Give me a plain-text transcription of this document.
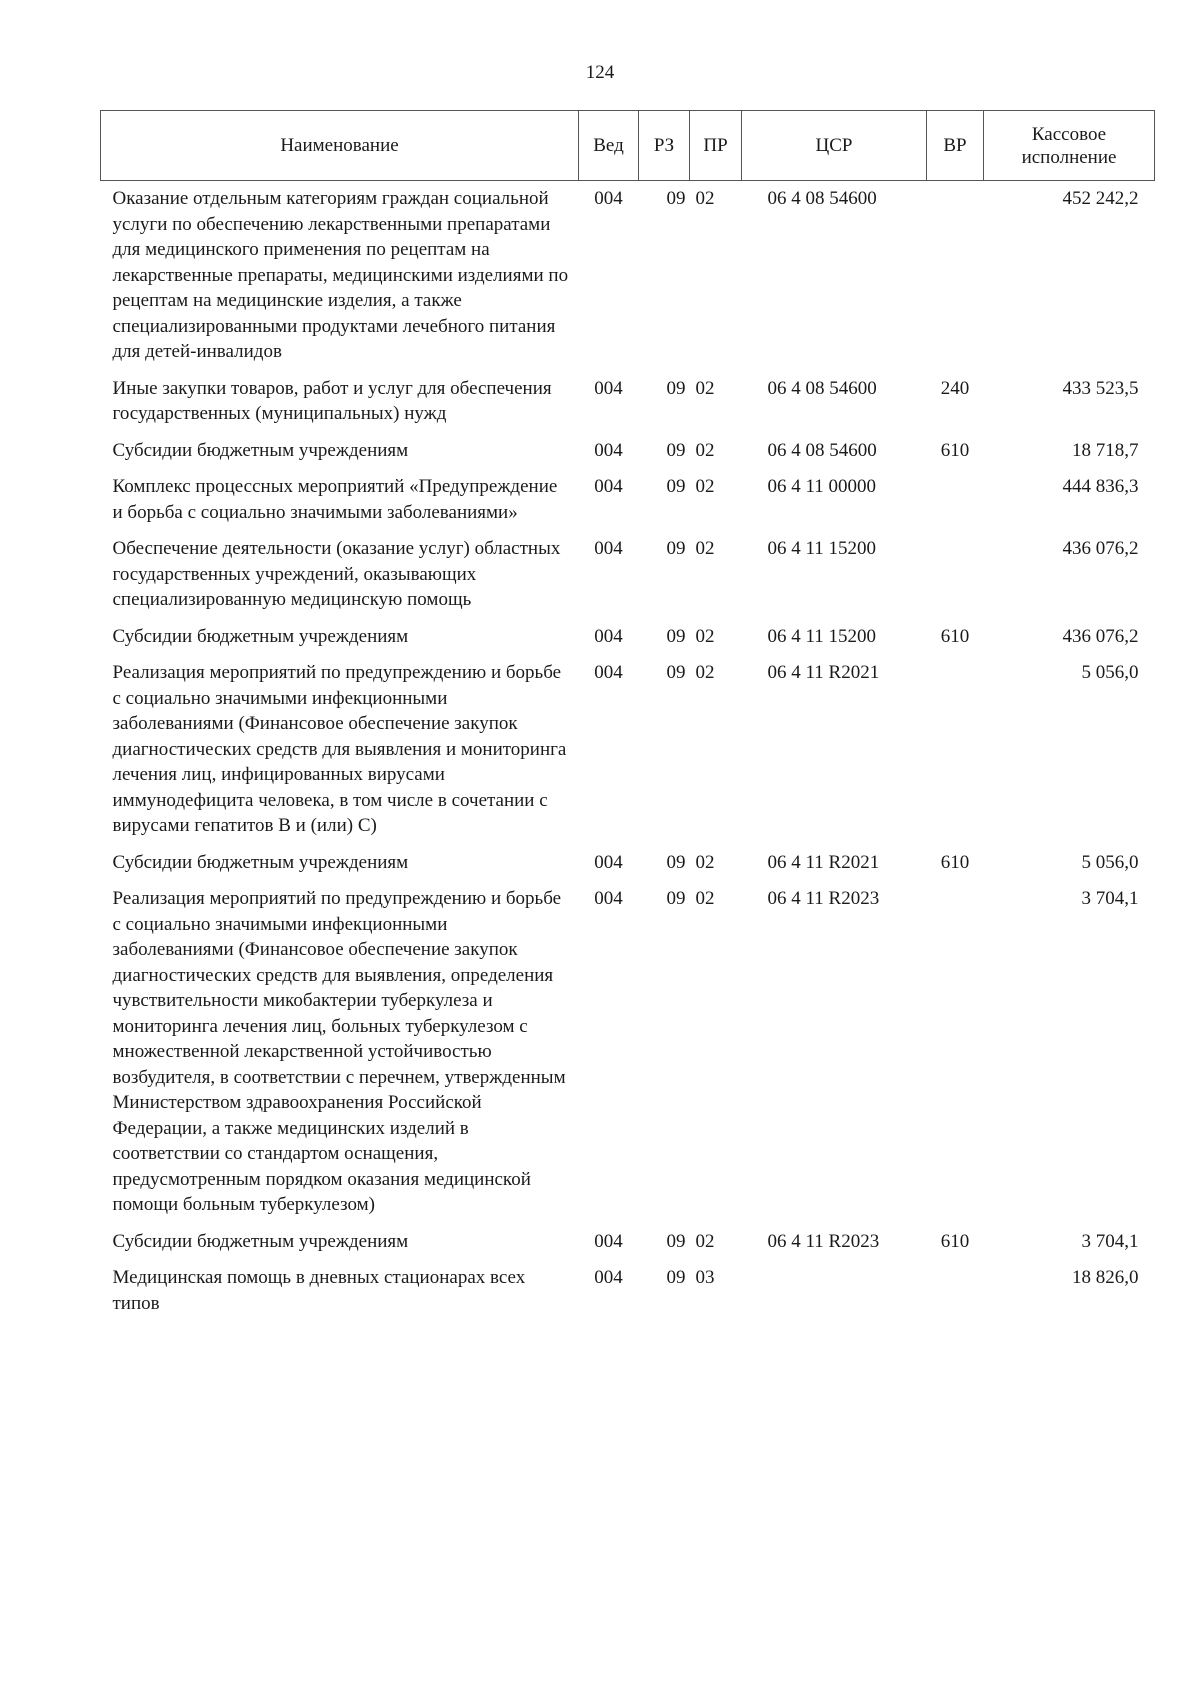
124
Наименование	Вед	РЗ	ПР	ЦСР	ВР	Кассовое исполнение
Оказание отдельным категориям граждан социальной услуги по обеспечению лекарственными препаратами для медицинского применения по рецептам на лекарственные препараты, медицинскими изделиями по рецептам на медицинские изделия, а также специализированными продуктами лечебного питания для детей-инвалидов	004	09	02	06 4 08 54600		452 242,2
Иные закупки товаров, работ и услуг для обеспечения государственных (муниципальных) нужд	004	09	02	06 4 08 54600	240	433 523,5
Субсидии бюджетным учреждениям	004	09	02	06 4 08 54600	610	18 718,7
Комплекс процессных мероприятий «Предупреждение и борьба с социально значимыми заболеваниями»	004	09	02	06 4 11 00000		444 836,3
Обеспечение деятельности (оказание услуг) областных государственных учреждений, оказывающих специализированную медицинскую помощь	004	09	02	06 4 11 15200		436 076,2
Субсидии бюджетным учреждениям	004	09	02	06 4 11 15200	610	436 076,2
Реализация мероприятий по предупреждению и борьбе с социально значимыми инфекционными заболеваниями (Финансовое обеспечение закупок диагностических средств для выявления и мониторинга лечения лиц, инфицированных вирусами иммунодефицита человека, в том числе в сочетании с вирусами гепатитов В и (или) С)	004	09	02	06 4 11 R2021		5 056,0
Субсидии бюджетным учреждениям	004	09	02	06 4 11 R2021	610	5 056,0
Реализация мероприятий по предупреждению и борьбе с социально значимыми инфекционными заболеваниями (Финансовое обеспечение закупок диагностических средств для выявления, определения чувствительности микобактерии туберкулеза и мониторинга лечения лиц, больных туберкулезом с множественной лекарственной устойчивостью возбудителя, в соответствии с перечнем, утвержденным Министерством здравоохранения Российской Федерации, а также медицинских изделий в соответствии со стандартом оснащения, предусмотренным порядком оказания медицинской помощи больным туберкулезом)	004	09	02	06 4 11 R2023		3 704,1
Субсидии бюджетным учреждениям	004	09	02	06 4 11 R2023	610	3 704,1
Медицинская помощь в дневных стационарах всех типов	004	09	03			18 826,0
